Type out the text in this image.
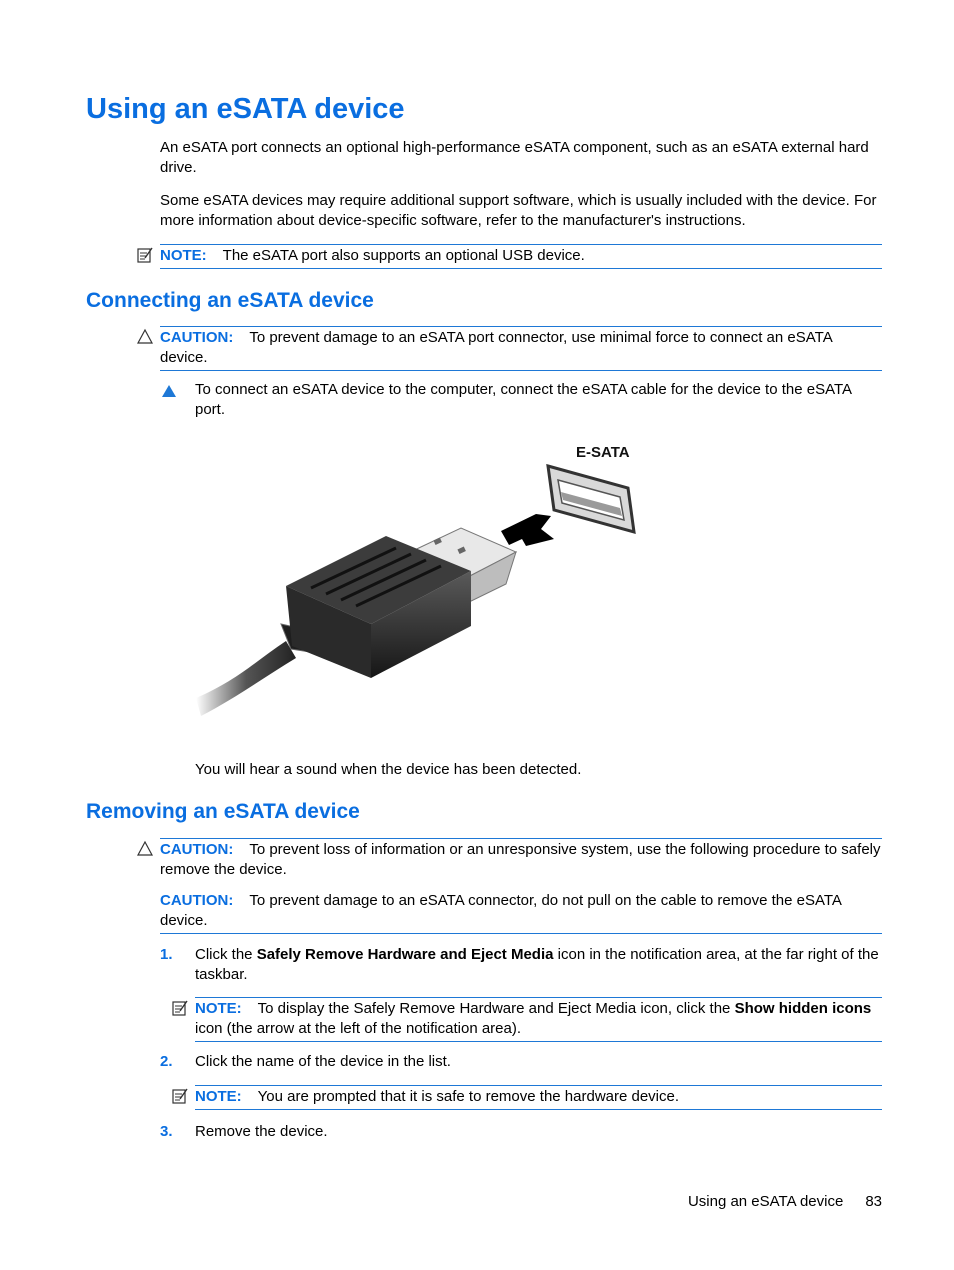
Using an eSATA device

An eSATA port connects an optional high-performance eSATA component, such as an eSATA external hard drive.

Some eSATA devices may require additional support software, which is usually included with the device. For more information about device-specific software, refer to the manufacturer's instructions.

NOTE: The eSATA port also supports an optional USB device.
Connecting an eSATA device
CAUTION: To prevent damage to an eSATA port connector, use minimal force to connect an eSATA device.

To connect an eSATA device to the computer, connect the eSATA cable for the device to the eSATA port.

E-SATA

You will hear a sound when the device has been detected.

Removing an eSATA device
CAUTION: To prevent loss of information or an unresponsive system, use the following procedure to safely remove the device.
CAUTION: To prevent damage to an eSATA connector, do not pull on the cable to remove the eSATA device.
1. Click the Safely Remove Hardware and Eject Media icon in the notification area, at the far right of the taskbar.

NOTE: To display the Safely Remove Hardware and Eject Media icon, click the Show hidden icons icon (the arrow at the left of the notification area).
2. Click the name of the device in the list.

NOTE: You are prompted that it is safe to remove the hardware device.
3. Remove the device.

Using an eSATA device 83
